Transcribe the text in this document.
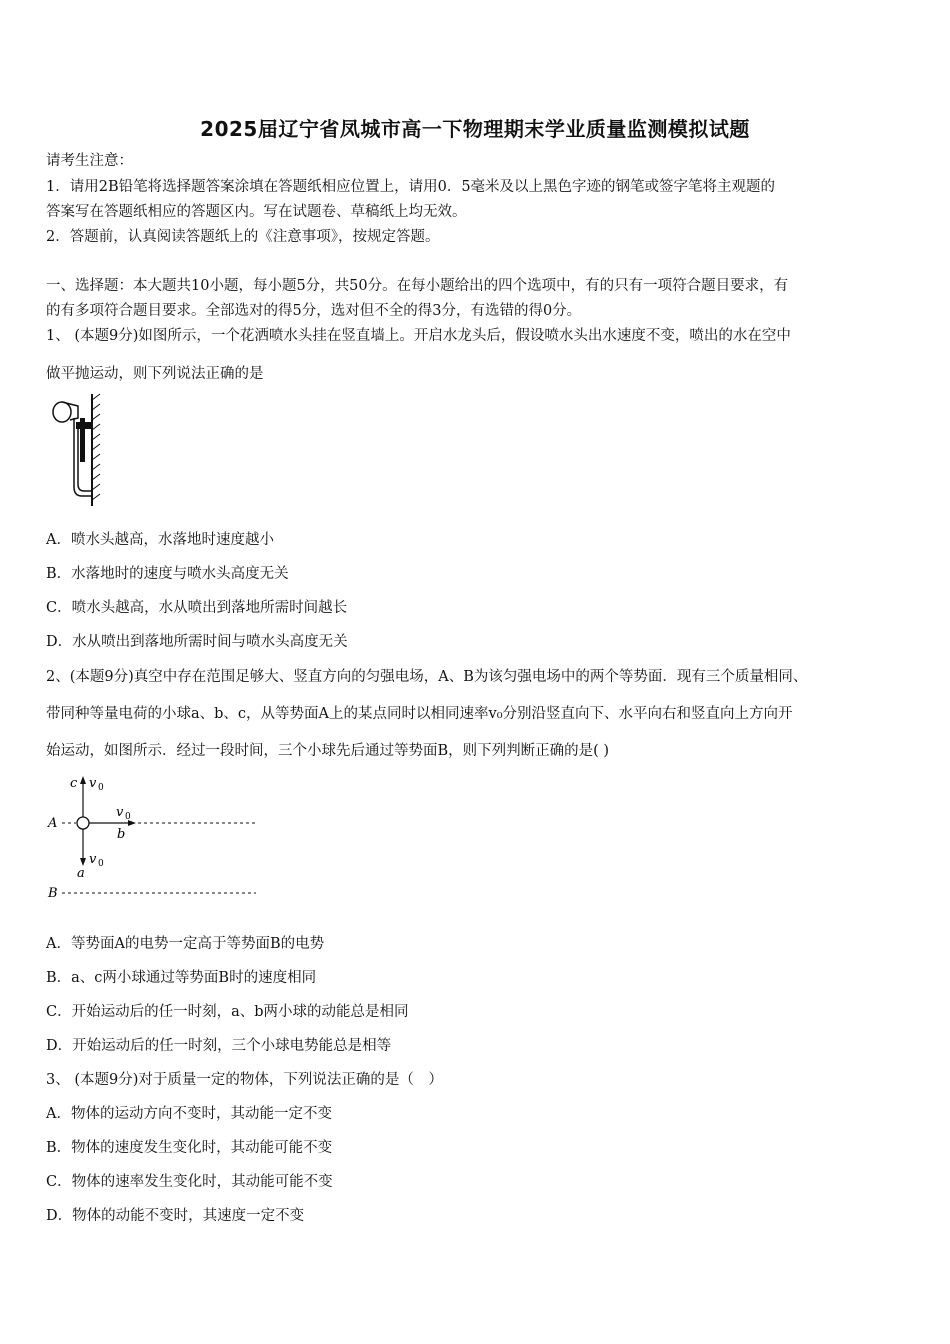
2025届辽宁省凤城市高一下物理期末学业质量监测模拟试题
请考生注意：
1．请用2B铅笔将选择题答案涂填在答题纸相应位置上，请用0．5毫米及以上黑色字迹的钢笔或签字笔将主观题的
答案写在答题纸相应的答题区内。写在试题卷、草稿纸上均无效。
2．答题前，认真阅读答题纸上的《注意事项》，按规定答题。
一、选择题：本大题共10小题，每小题5分，共50分。在每小题给出的四个选项中，有的只有一项符合题目要求，有
的有多项符合题目要求。全部选对的得5分，选对但不全的得3分，有选错的得0分。
1、 (本题9分)如图所示，一个花洒喷水头挂在竖直墙上。开启水龙头后，假设喷水头出水速度不变，喷出的水在空中
做平抛运动，则下列说法正确的是
A．喷水头越高，水落地时速度越小
B．水落地时的速度与喷水头高度无关
C．喷水头越高，水从喷出到落地所需时间越长
D．水从喷出到落地所需时间与喷水头高度无关
2、(本题9分)真空中存在范围足够大、竖直方向的匀强电场，A、B为该匀强电场中的两个等势面．现有三个质量相同、
带同种等量电荷的小球a、b、c，从等势面A上的某点同时以相同速率v₀分别沿竖直向下、水平向右和竖直向上方向开
始运动，如图所示．经过一段时间，三个小球先后通过等势面B，则下列判断正确的是( )
A
c v 0
v 0
b
v 0
a
B
A．等势面A的电势一定高于等势面B的电势
B．a、c两小球通过等势面B时的速度相同
C．开始运动后的任一时刻，a、b两小球的动能总是相同
D．开始运动后的任一时刻，三个小球电势能总是相等
3、 (本题9分)对于质量一定的物体，下列说法正确的是（　）
A．物体的运动方向不变时，其动能一定不变
B．物体的速度发生变化时，其动能可能不变
C．物体的速率发生变化时，其动能可能不变
D．物体的动能不变时，其速度一定不变
